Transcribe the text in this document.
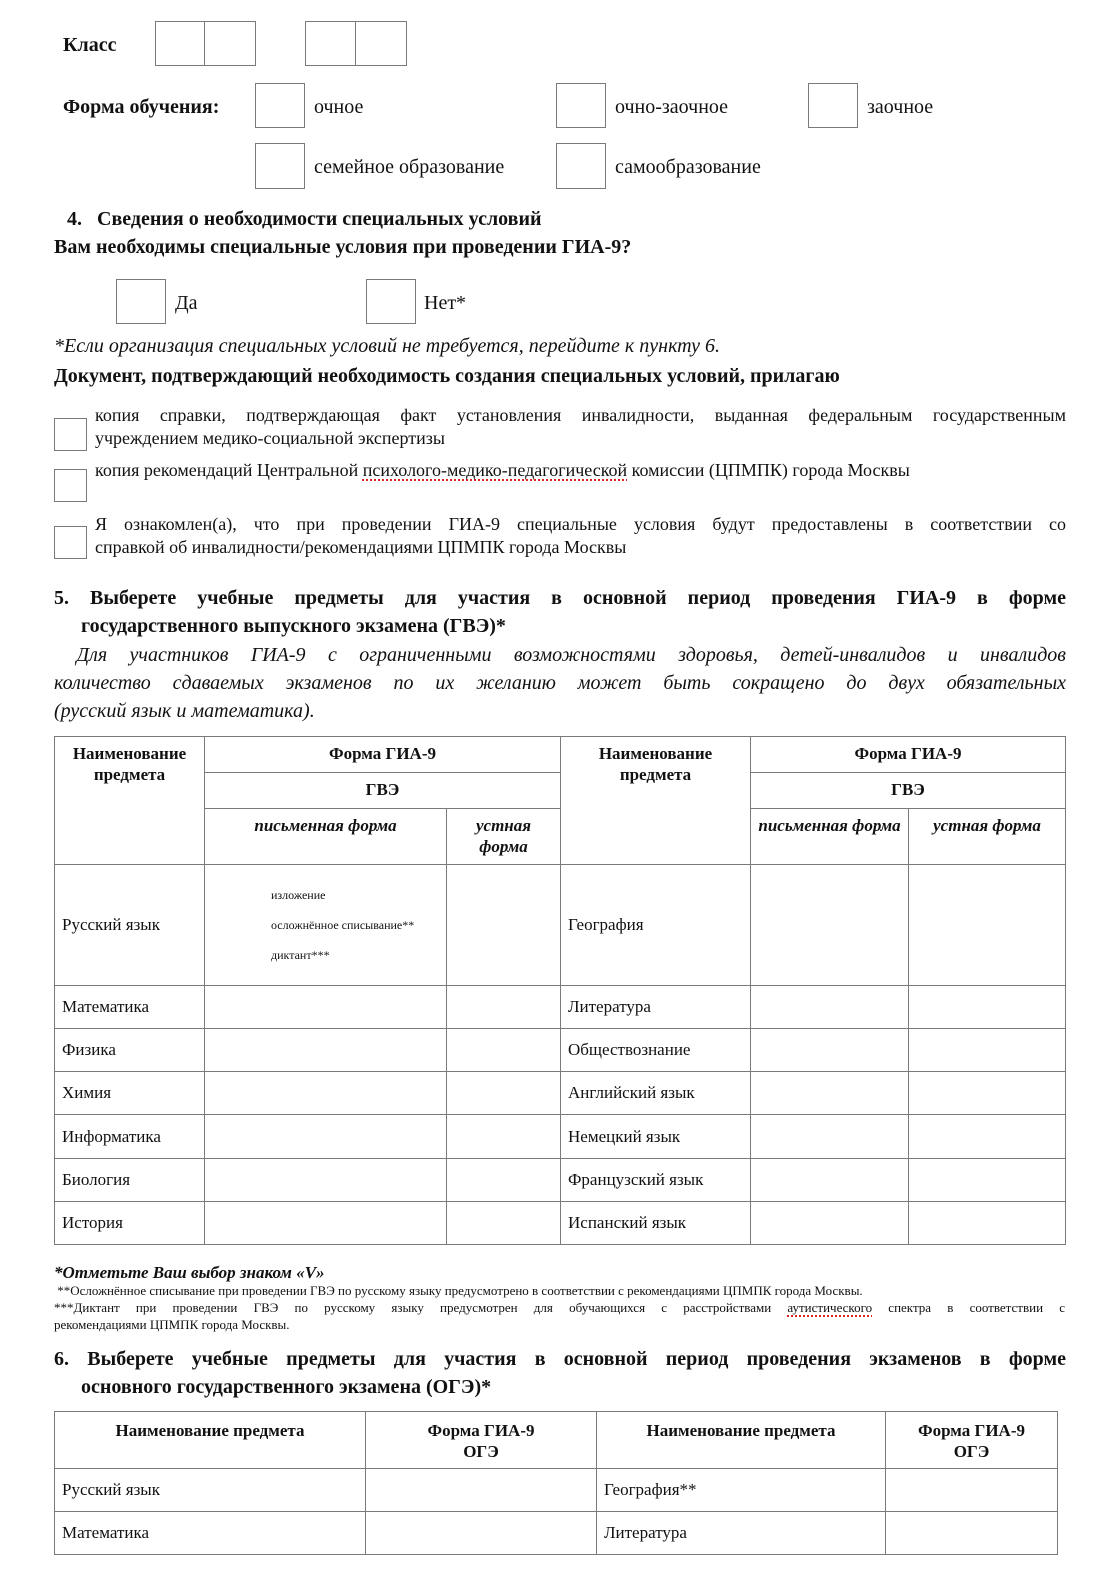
Класс
Форма обучения:	очное	очно-заочное	заочное
семейное образование	самообразование
4.   Сведения о необходимости специальных условий
Вам необходимы специальные условия при проведении ГИА-9?
Да	Нет*
*Если организация специальных условий не требуется, перейдите к пункту 6.
Документ, подтверждающий необходимость создания специальных условий, прилагаю
копия справки, подтверждающая факт установления инвалидности, выданная федеральным государственным
учреждением медико-социальной экспертизы
копия рекомендаций Центральной психолого-медико-педагогической комиссии (ЦПМПК) города Москвы
Я ознакомлен(а), что при проведении ГИА-9 специальные условия будут предоставлены в соответствии со
справкой об инвалидности/рекомендациями ЦПМПК города Москвы
5. Выберете учебные предметы для участия в основной период проведения ГИА-9 в форме
государственного выпускного экзамена (ГВЭ)*
Для участников ГИА-9 с ограниченными возможностями здоровья, детей-инвалидов и инвалидов
количество сдаваемых экзаменов по их желанию может быть сокращено до двух обязательных
(русский язык и математика).
Наименование предмета	Форма ГИА-9		Наименование предмета	Форма ГИА-9	
	ГВЭ			ГВЭ	
	письменная форма	устная форма		письменная форма	устная форма
Русский язык	изложение
осложнённое списывание**
диктант***		География		
Математика			Литература		
Физика			Обществознание		
Химия			Английский язык		
Информатика			Немецкий язык		
Биология			Французский язык		
История			Испанский язык		
*Отметьте Ваш выбор знаком «V»
**Осложнённое списывание при проведении ГВЭ по русскому языку предусмотрено в соответствии с рекомендациями ЦПМПК города Москвы.
***Диктант при проведении ГВЭ по русскому языку предусмотрен для обучающихся с расстройствами аутистического спектра в соответствии с
рекомендациями ЦПМПК города Москвы.
6. Выберете учебные предметы для участия в основной период проведения экзаменов в форме
основного государственного экзамена (ОГЭ)*
Наименование предмета	Форма ГИА-9
ОГЭ
	Наименование предмета	Форма ГИА-9
ОГЭ

Русский язык		География**	
Математика		Литература	
